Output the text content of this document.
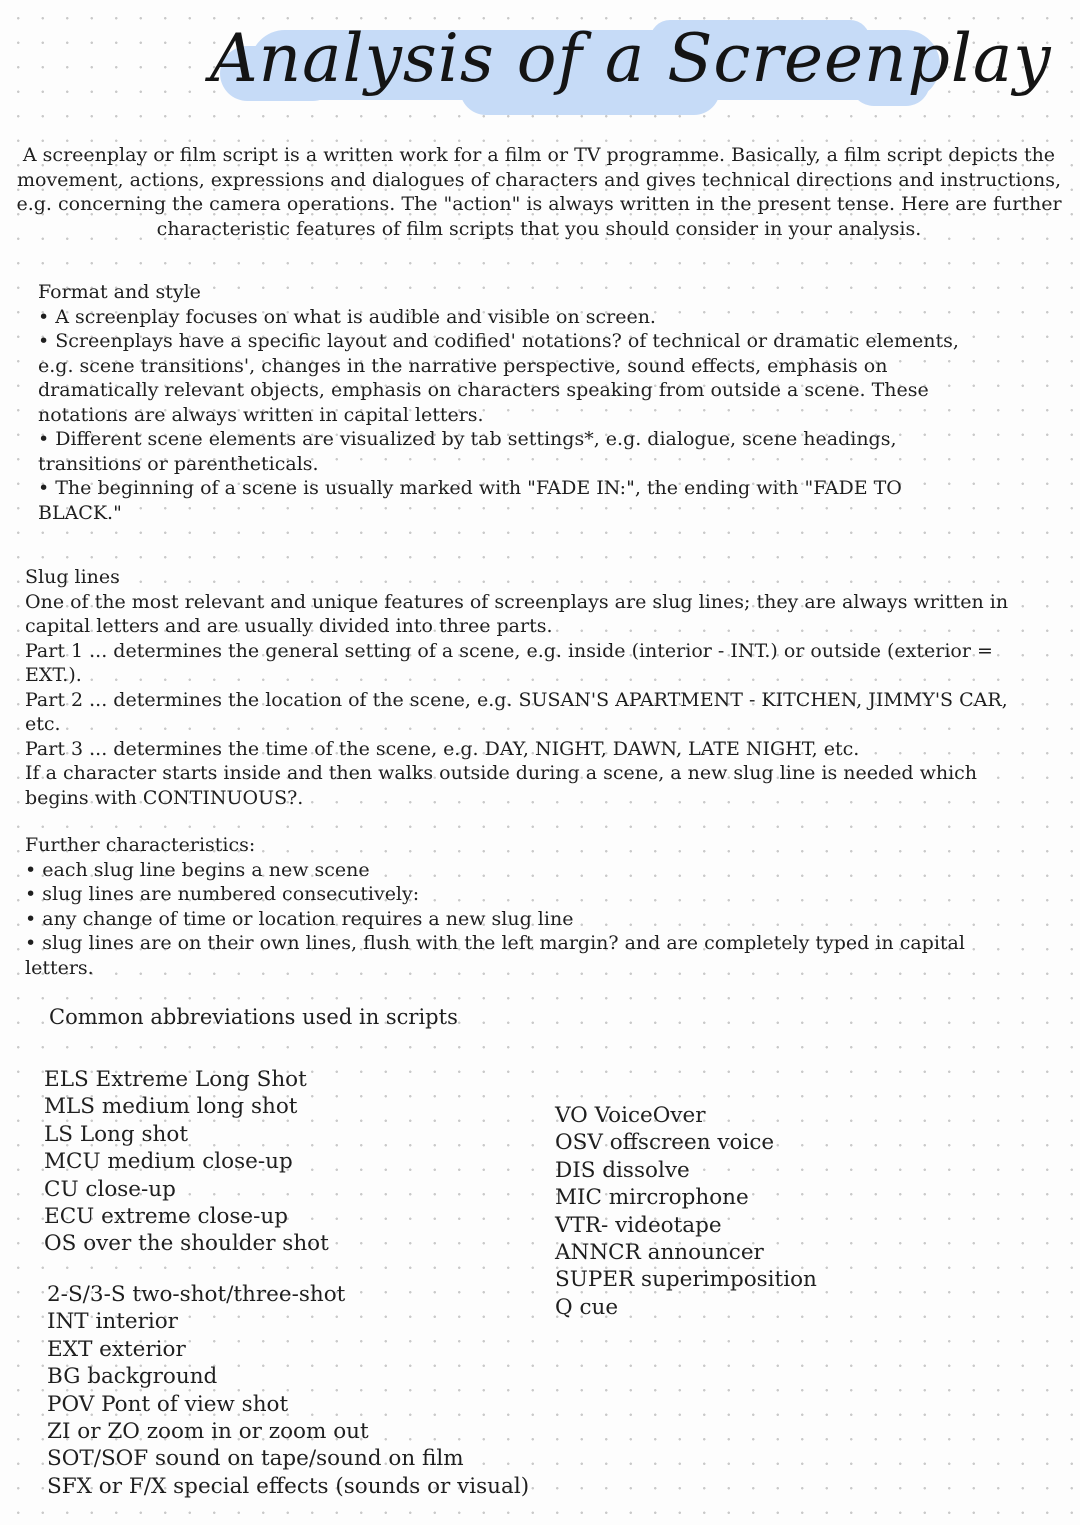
Analysis of a Screenplay

A screenplay or film script is a written work for a film or TV programme. Basically, a film script depicts the movement, actions, expressions and dialogues of characters and gives technical directions and instructions, e.g. concerning the camera operations. The "action" is always written in the present tense. Here are further characteristic features of film scripts that you should consider in your analysis.

Format and style
• A screenplay focuses on what is audible and visible on screen.
• Screenplays have a specific layout and codified' notations? of technical or dramatic elements,
e.g. scene transitions', changes in the narrative perspective, sound effects, emphasis on
dramatically relevant objects, emphasis on characters speaking from outside a scene. These
notations are always written in capital letters.
• Different scene elements are visualized by tab settings*, e.g. dialogue, scene headings,
transitions or parentheticals.
• The beginning of a scene is usually marked with "FADE IN:", the ending with "FADE TO
BLACK."
Slug lines
One of the most relevant and unique features of screenplays are slug lines; they are always written in
capital letters and are usually divided into three parts.
Part 1 ... determines the general setting of a scene, e.g. inside (interior - INT.) or outside (exterior =
EXT.).
Part 2 ... determines the location of the scene, e.g. SUSAN'S APARTMENT - KITCHEN, JIMMY'S CAR,
etc.
Part 3 ... determines the time of the scene, e.g. DAY, NIGHT, DAWN, LATE NIGHT, etc.
If a character starts inside and then walks outside during a scene, a new slug line is needed which
begins with CONTINUOUS?.
Further characteristics:
• each slug line begins a new scene
• slug lines are numbered consecutively:
• any change of time or location requires a new slug line
• slug lines are on their own lines, flush with the left margin? and are completely typed in capital
letters.
Common abbreviations used in scripts
ELS Extreme Long Shot
MLS medium long shot
LS Long shot
MCU medium close-up
CU close-up
ECU extreme close-up
OS over the shoulder shot
2-S/3-S two-shot/three-shot
INT interior
EXT exterior
BG background
POV Pont of view shot
ZI or ZO zoom in or zoom out
SOT/SOF sound on tape/sound on film
SFX or F/X special effects (sounds or visual)
VO VoiceOver
OSV offscreen voice
DIS dissolve
MIC mircrophone
VTR- videotape
ANNCR announcer
SUPER superimposition
Q cue
